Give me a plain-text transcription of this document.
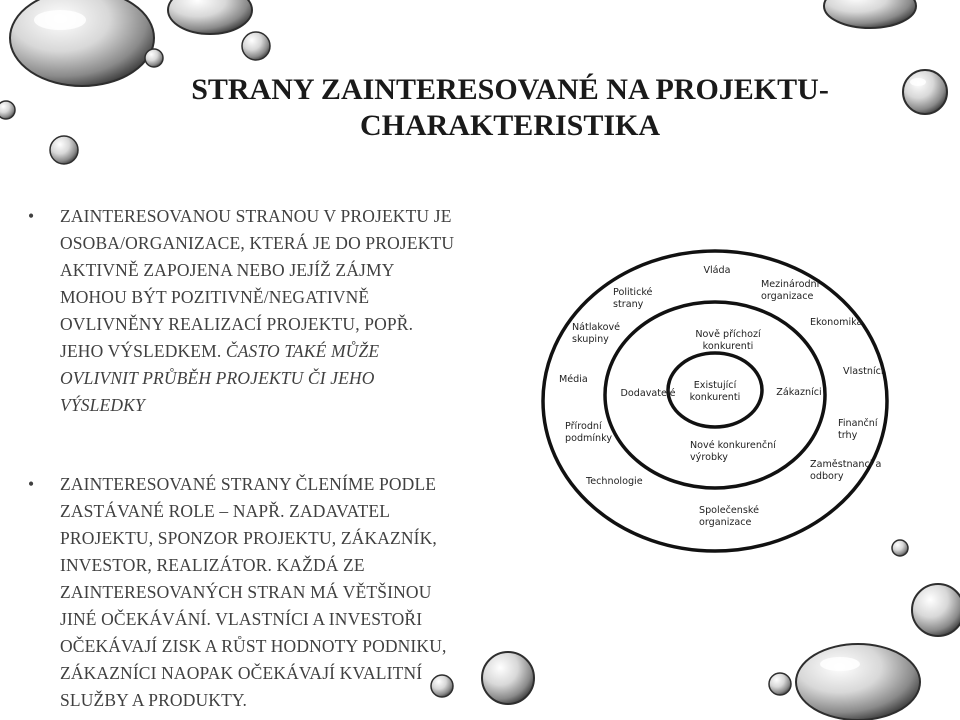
STRANY ZAINTERESOVANÉ NA PROJEKTU-
CHARAKTERISTIKA
• ZAINTERESOVANOU STRANOU V PROJEKTU JE OSOBA/ORGANIZACE, KTERÁ JE DO PROJEKTU AKTIVNĚ ZAPOJENA NEBO JEJÍŽ ZÁJMY MOHOU BÝT POZITIVNĚ/NEGATIVNĚ OVLIVNĚNY REALIZACÍ PROJEKTU, POPŘ. JEHO VÝSLEDKEM. ČASTO TAKÉ MŮŽE OVLIVNIT PRŮBĚH PROJEKTU ČI JEHO VÝSLEDKY

• ZAINTERESOVANÉ STRANY ČLENÍME PODLE ZASTÁVANÉ ROLE – NAPŘ. ZADAVATEL PROJEKTU, SPONZOR PROJEKTU, ZÁKAZNÍK, INVESTOR, REALIZÁTOR. KAŽDÁ ZE ZAINTERESOVANÝCH STRAN MÁ VĚTŠINOU JINÉ OČEKÁVÁNÍ. VLASTNÍCI A INVESTOŘI OČEKÁVAJÍ ZISK A RŮST HODNOTY PODNIKU, ZÁKAZNÍCI NAOPAK OČEKÁVAJÍ KVALITNÍ SLUŽBY A PRODUKTY.

Existující konkurenti
Nově příchozí konkurenti
Dodavatelé	Zákazníci
Nové konkurenční výrobky
Vláda
Mezinárodní organizace
Politické strany
Nátlakové skupiny
Ekonomika
Média
Vlastníci
Přírodní podmínky
Finanční trhy
Technologie
Zaměstnanci a odbory
Společenské organizace
